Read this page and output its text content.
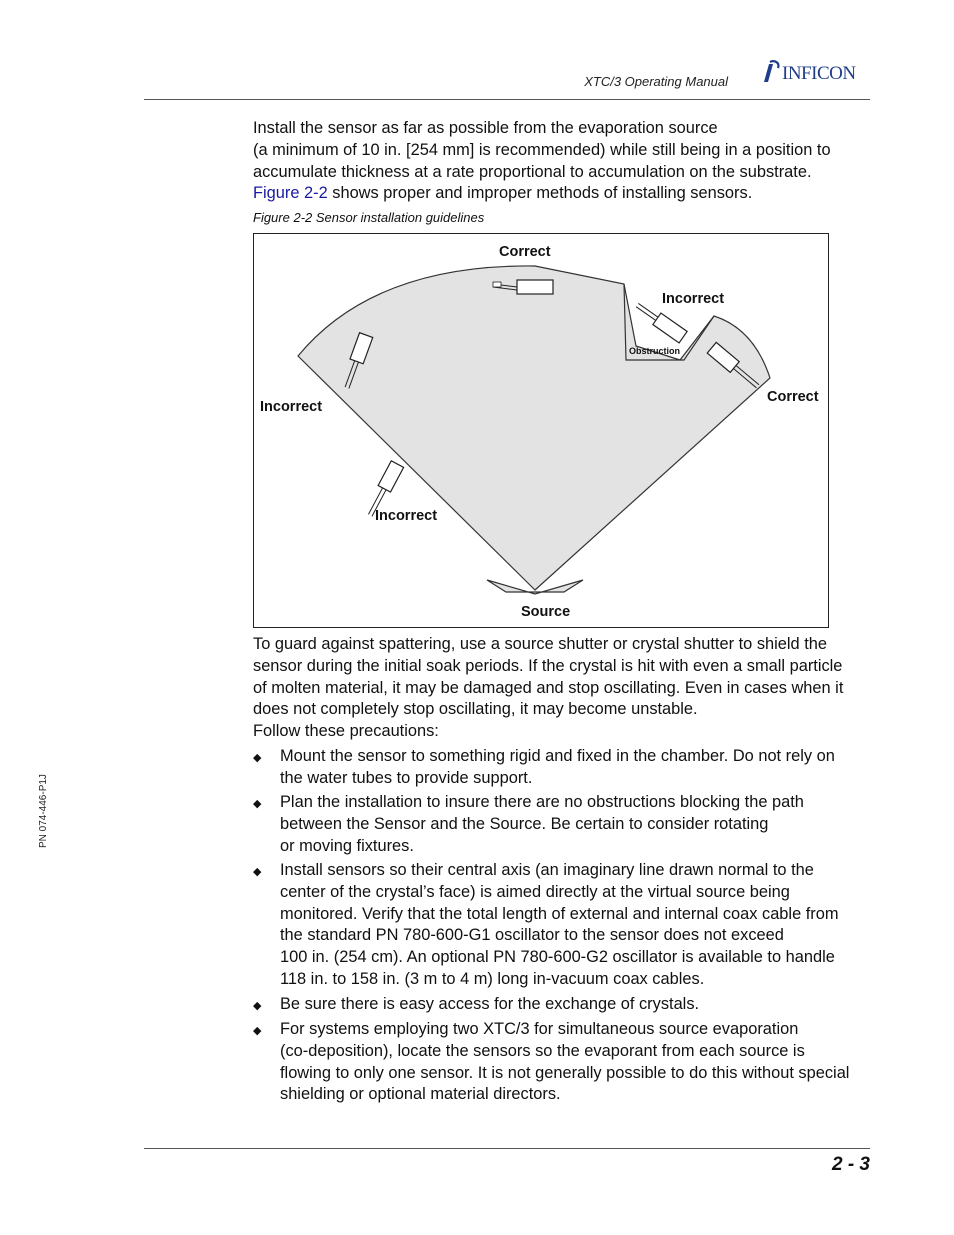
XTC/3 Operating Manual	INFICON
PN 074-446-P1J
Install the sensor as far as possible from the evaporation source
(a minimum of 10 in. [254 mm] is recommended) while still being in a position to
accumulate thickness at a rate proportional to accumulation on the substrate.
Figure 2-2 shows proper and improper methods of installing sensors.
Figure 2-2 Sensor installation guidelines
Correct
Incorrect
Obstruction
Correct
Incorrect
Incorrect
Source
To guard against spattering, use a source shutter or crystal shutter to shield the
sensor during the initial soak periods. If the crystal is hit with even a small particle
of molten material, it may be damaged and stop oscillating. Even in cases when it
does not completely stop oscillating, it may become unstable.
Follow these precautions:
◆ Mount the sensor to something rigid and fixed in the chamber. Do not rely on
the water tubes to provide support.
◆ Plan the installation to insure there are no obstructions blocking the path
between the Sensor and the Source. Be certain to consider rotating
or moving fixtures.
◆ Install sensors so their central axis (an imaginary line drawn normal to the
center of the crystal’s face) is aimed directly at the virtual source being
monitored. Verify that the total length of external and internal coax cable from
the standard PN 780-600-G1 oscillator to the sensor does not exceed
100 in. (254 cm). An optional PN 780-600-G2 oscillator is available to handle
118 in. to 158 in. (3 m to 4 m) long in-vacuum coax cables.
◆ Be sure there is easy access for the exchange of crystals.
◆ For systems employing two XTC/3 for simultaneous source evaporation
(co-deposition), locate the sensors so the evaporant from each source is
flowing to only one sensor. It is not generally possible to do this without special
shielding or optional material directors.
2 - 3
